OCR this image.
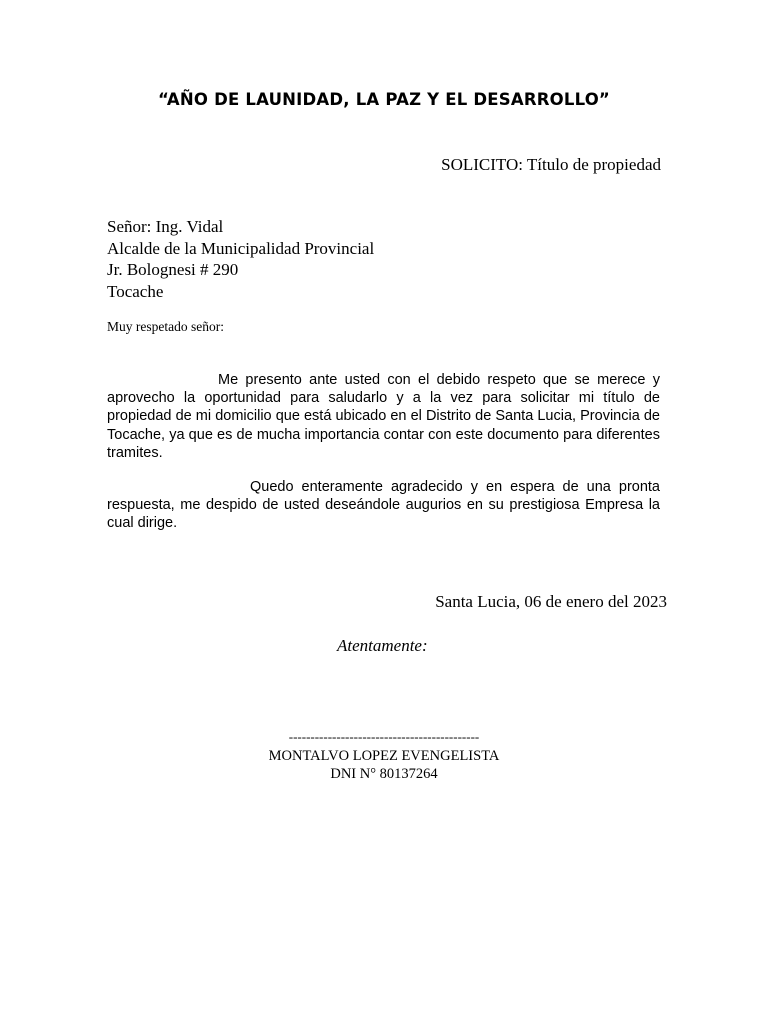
“AÑO DE LAUNIDAD, LA PAZ Y EL DESARROLLO”
SOLICITO: Título de propiedad
Señor: Ing. Vidal
Alcalde de la Municipalidad Provincial
Jr. Bolognesi # 290
Tocache
Muy respetado señor:
Me presento ante usted con el debido respeto que se merece y aprovecho la oportunidad para saludarlo y a la vez para solicitar mi título de propiedad de mi domicilio que está ubicado en el Distrito de Santa Lucia, Provincia de Tocache, ya que es de mucha importancia contar con este documento para diferentes tramites.
Quedo enteramente agradecido y en espera de una pronta respuesta, me despido de usted deseándole augurios en su prestigiosa Empresa la cual dirige.
Santa Lucia, 06 de enero del 2023
Atentamente:
--------------------------------------------
MONTALVO LOPEZ EVENGELISTA
DNI N° 80137264
